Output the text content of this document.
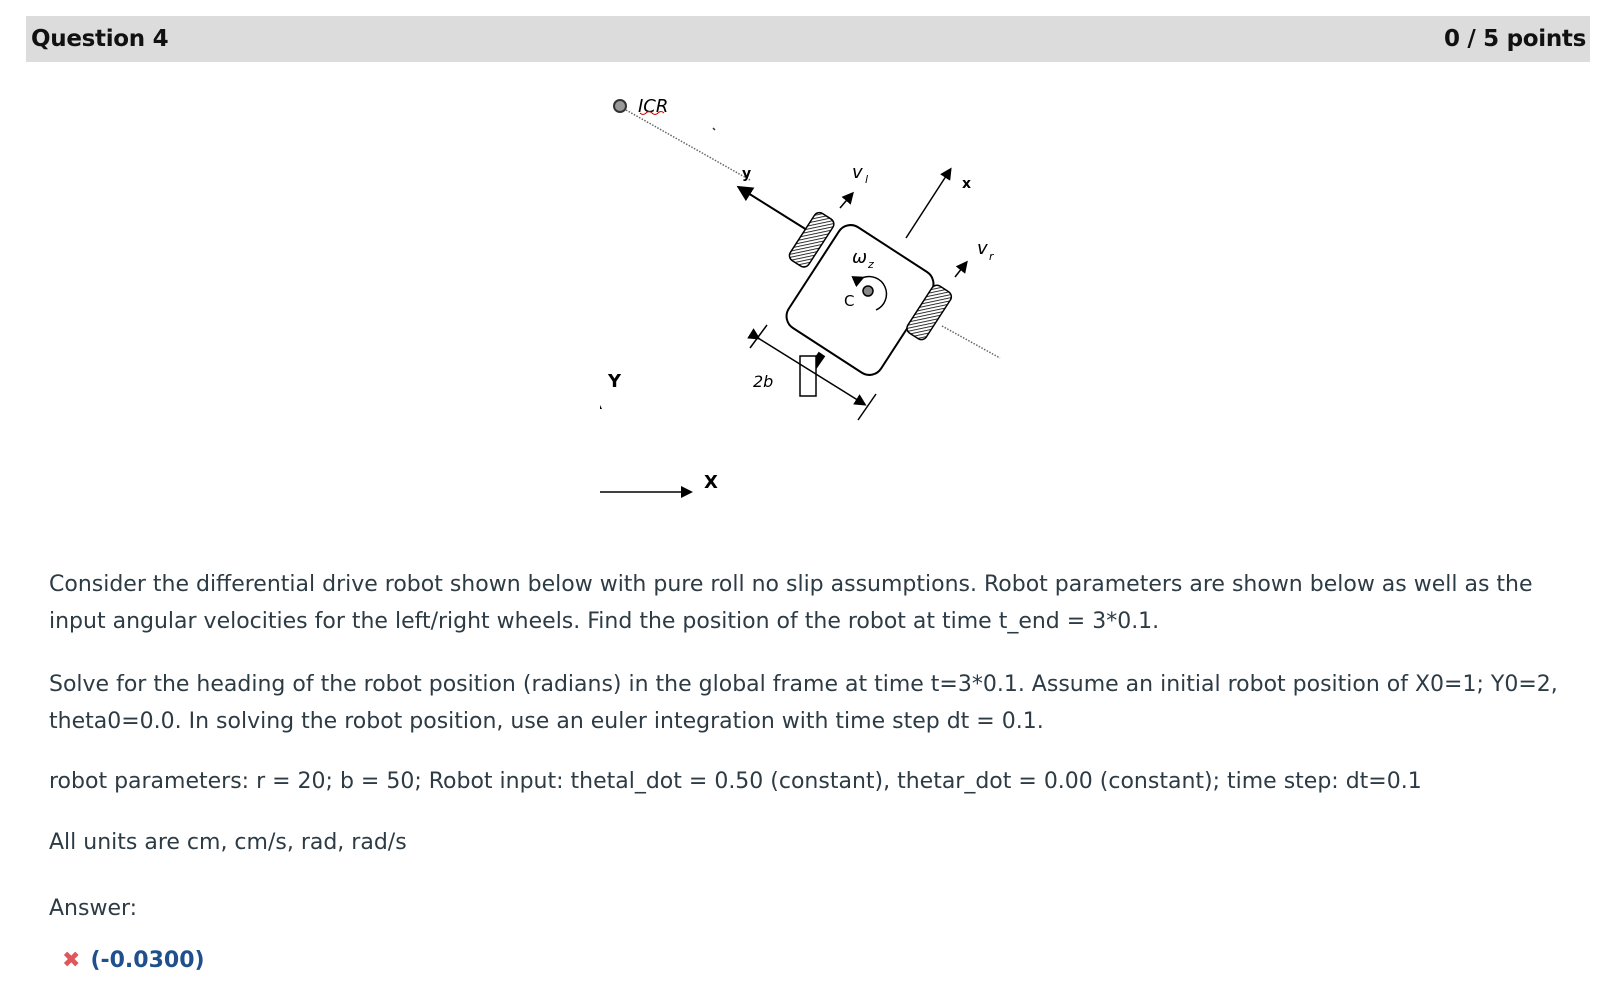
Question 4	0 / 5 points
ICR
y
x
v l
v r
ω z
C
2b
Y
X

Consider the differential drive robot shown below with pure roll no slip assumptions. Robot parameters are shown below as well as the input angular velocities for the left/right wheels. Find the position of the robot at time t_end = 3*0.1.

Solve for the heading of the robot position (radians) in the global frame at time t=3*0.1. Assume an initial robot position of X0=1; Y0=2, theta0=0.0. In solving the robot position, use an euler integration with time step dt = 0.1.

robot parameters: r = 20; b = 50; Robot input: thetal_dot = 0.50 (constant), thetar_dot = 0.00 (constant); time step: dt=0.1

All units are cm, cm/s, rad, rad/s

Answer:
✖ (-0.0300)
